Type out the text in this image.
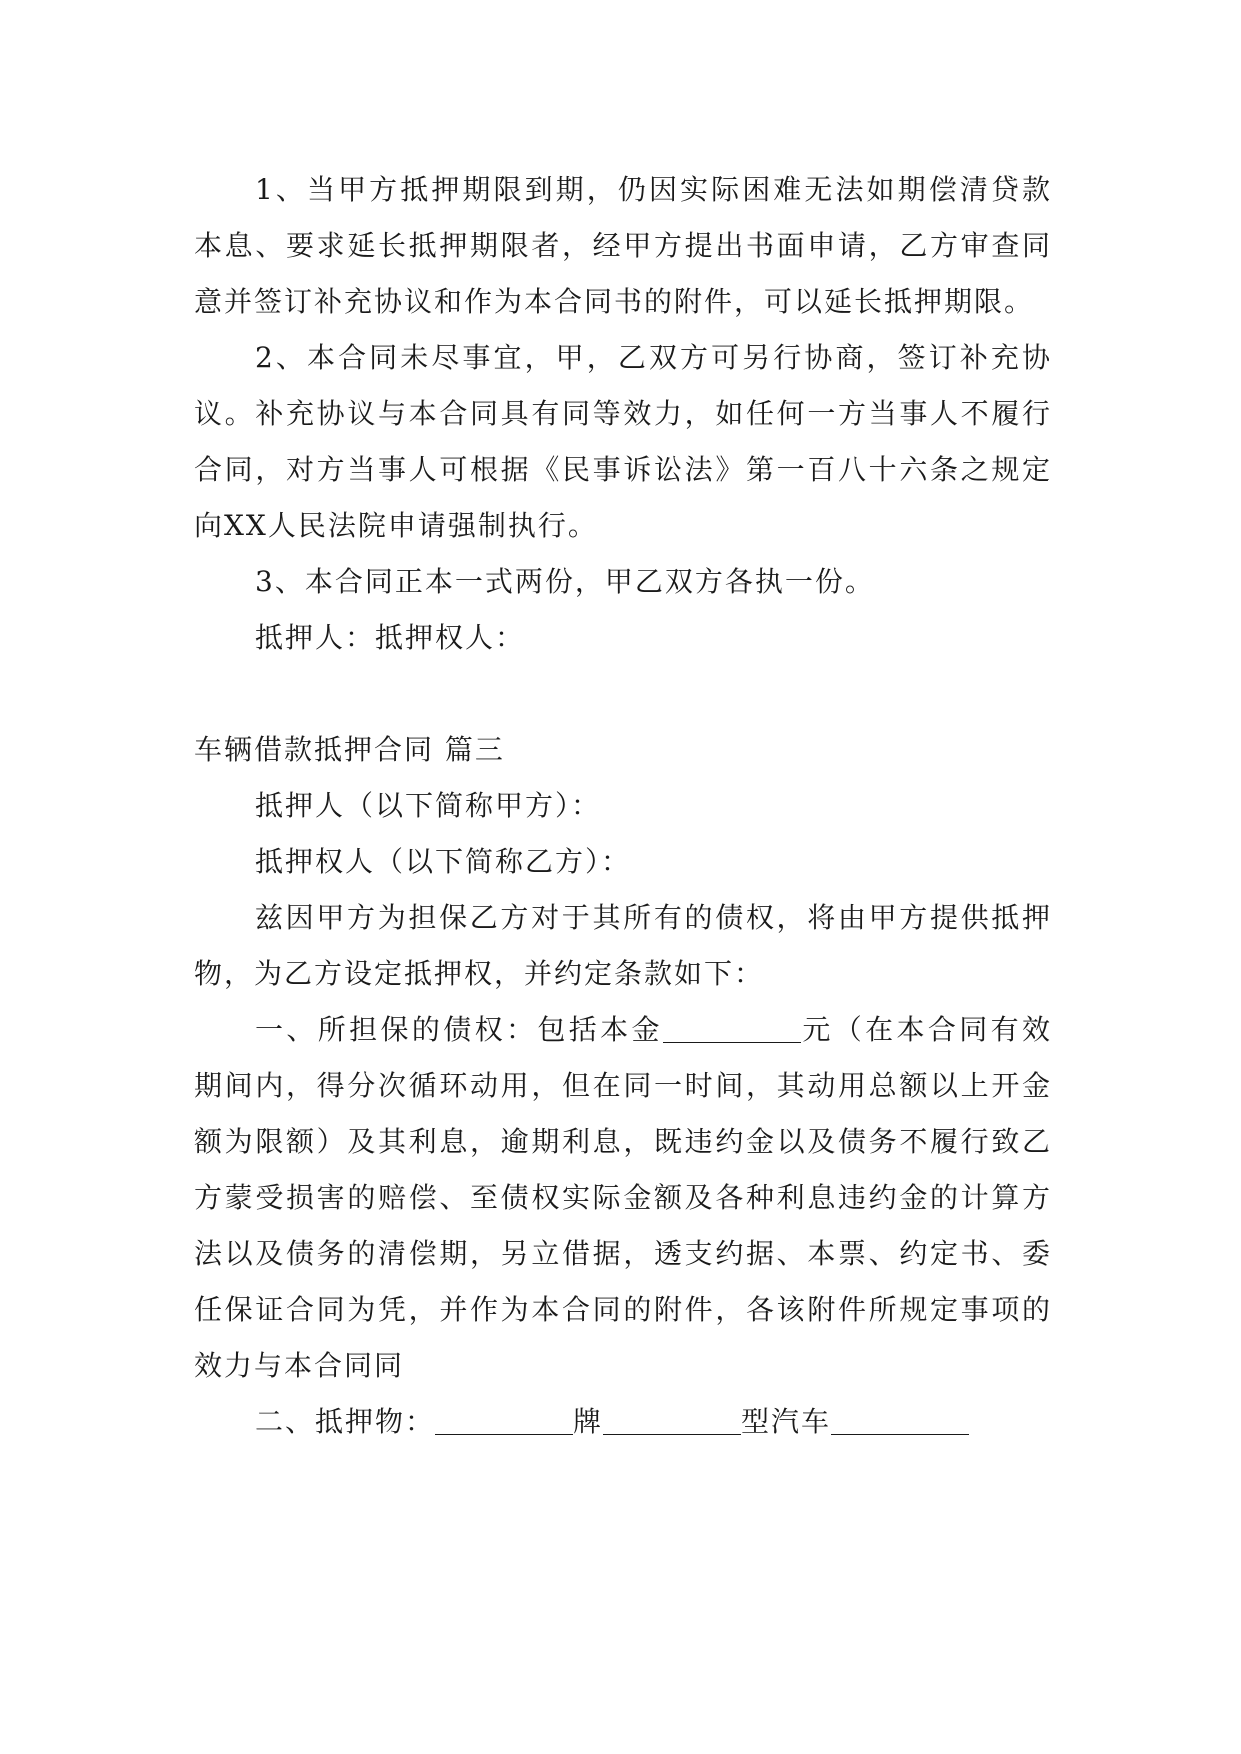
1、当甲方抵押期限到期，仍因实际困难无法如期偿清贷款本息、要求延长抵押期限者，经甲方提出书面申请，乙方审查同意并签订补充协议和作为本合同书的附件，可以延长抵押期限。

2、本合同未尽事宜，甲，乙双方可另行协商，签订补充协议。补充协议与本合同具有同等效力，如任何一方当事人不履行合同，对方当事人可根据《民事诉讼法》第一百八十六条之规定向XX人民法院申请强制执行。

3、本合同正本一式两份，甲乙双方各执一份。

抵押人：抵押权人：

车辆借款抵押合同 篇三

抵押人（以下简称甲方）：

抵押权人（以下简称乙方）：

兹因甲方为担保乙方对于其所有的债权，将由甲方提供抵押物，为乙方设定抵押权，并约定条款如下：

一、所担保的债权：包括本金	元（在本合同有效期间内，得分次循环动用，但在同一时间，其动用总额以上开金额为限额）及其利息，逾期利息，既违约金以及债务不履行致乙方蒙受损害的赔偿、至债权实际金额及各种利息违约金的计算方法以及债务的清偿期，另立借据，透支约据、本票、约定书、委任保证合同为凭，并作为本合同的附件，各该附件所规定事项的效力与本合同同

二、抵押物：	牌	型汽车
